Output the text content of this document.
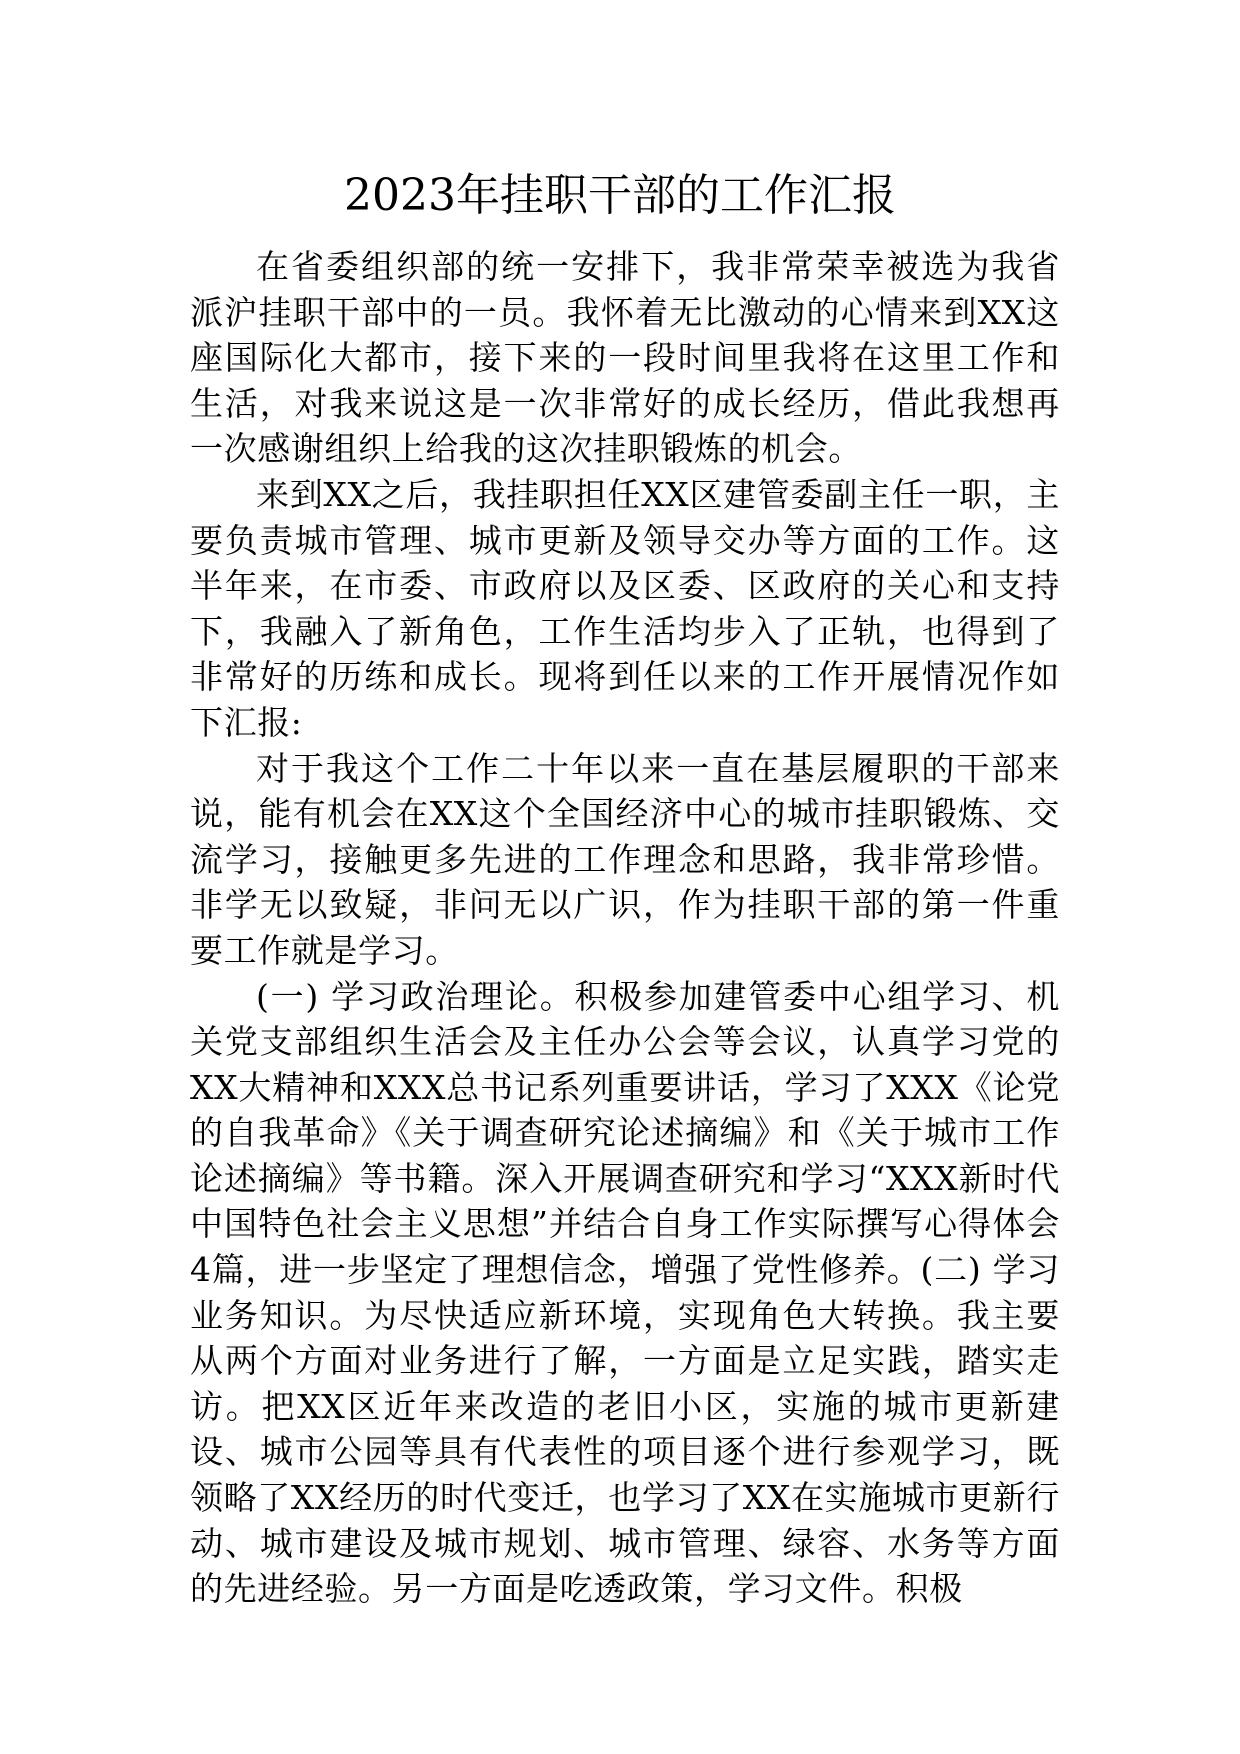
2023年挂职干部的工作汇报

在省委组织部的统一安排下，我非常荣幸被选为我省派沪挂职干部中的一员。我怀着无比激动的心情来到XX这座国际化大都市，接下来的一段时间里我将在这里工作和生活，对我来说这是一次非常好的成长经历，借此我想再一次感谢组织上给我的这次挂职锻炼的机会。

来到XX之后，我挂职担任XX区建管委副主任一职，主要负责城市管理、城市更新及领导交办等方面的工作。这半年来，在市委、市政府以及区委、区政府的关心和支持下，我融入了新角色，工作生活均步入了正轨，也得到了非常好的历练和成长。现将到任以来的工作开展情况作如下汇报:

对于我这个工作二十年以来一直在基层履职的干部来说，能有机会在XX这个全国经济中心的城市挂职锻炼、交流学习，接触更多先进的工作理念和思路，我非常珍惜。非学无以致疑，非问无以广识，作为挂职干部的第一件重要工作就是学习。

(一) 学习政治理论。积极参加建管委中心组学习、机关党支部组织生活会及主任办公会等会议，认真学习党的XX大精神和XXX总书记系列重要讲话，学习了XXX《论党的自我革命》《关于调查研究论述摘编》和《关于城市工作论述摘编》等书籍。深入开展调查研究和学习“XXX新时代中国特色社会主义思想”并结合自身工作实际撰写心得体会4篇，进一步坚定了理想信念，增强了党性修养。(二) 学习业务知识。为尽快适应新环境，实现角色大转换。我主要从两个方面对业务进行了解，一方面是立足实践，踏实走访。把XX区近年来改造的老旧小区，实施的城市更新建设、城市公园等具有代表性的项目逐个进行参观学习，既领略了XX经历的时代变迁，也学习了XX在实施城市更新行动、城市建设及城市规划、城市管理、绿容、水务等方面的先进经验。另一方面是吃透政策，学习文件。积极
